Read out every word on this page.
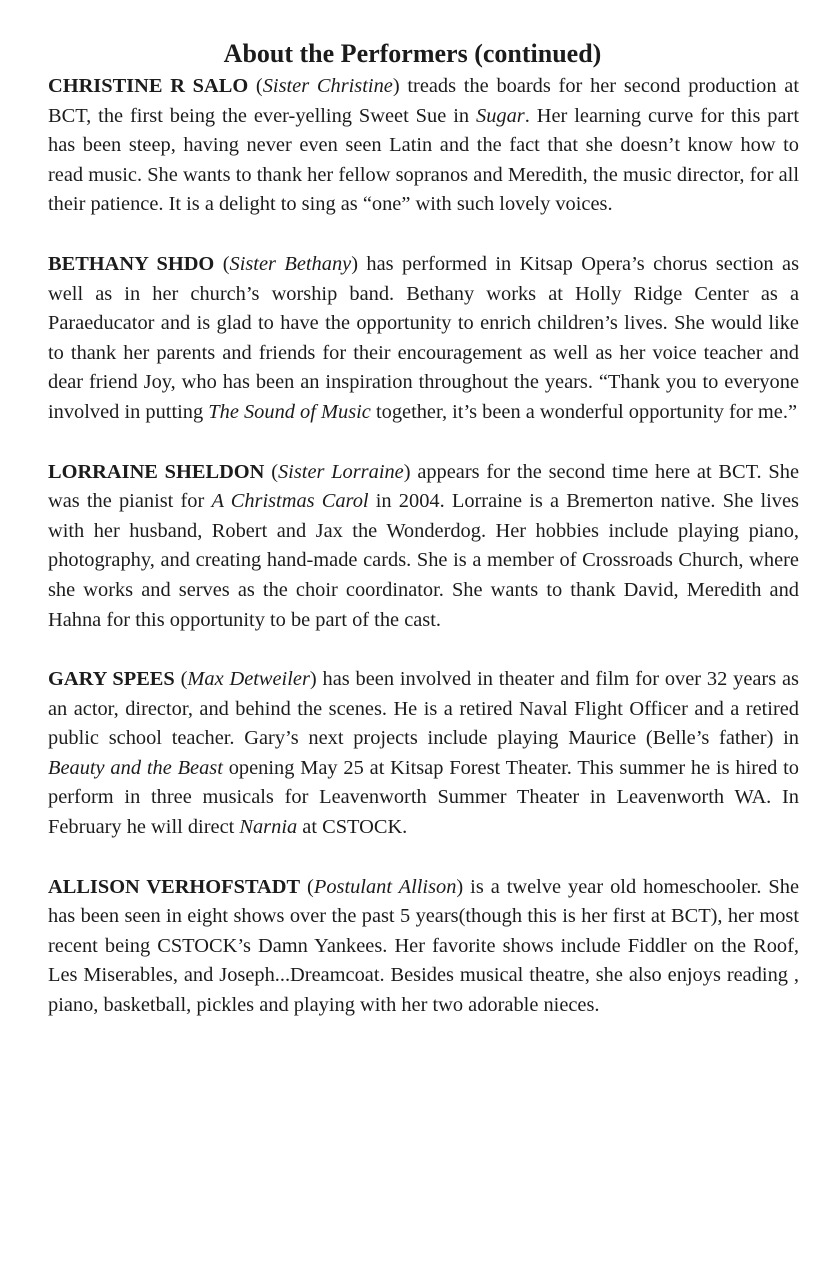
About the Performers (continued)

CHRISTINE R SALO (Sister Christine) treads the boards for her second production at BCT, the first being the ever-yelling Sweet Sue in Sugar. Her learning curve for this part has been steep, having never even seen Latin and the fact that she doesn’t know how to read music. She wants to thank her fellow sopranos and Meredith, the music director, for all their patience. It is a delight to sing as “one” with such lovely voices.

BETHANY SHDO (Sister Bethany) has performed in Kitsap Opera’s chorus section as well as in her church’s worship band. Bethany works at Holly Ridge Center as a Paraeducator and is glad to have the opportunity to enrich children’s lives. She would like to thank her parents and friends for their encouragement as well as her voice teacher and dear friend Joy, who has been an inspiration throughout the years. “Thank you to everyone involved in putting The Sound of Music together, it’s been a wonderful opportunity for me.”

LORRAINE SHELDON (Sister Lorraine) appears for the second time here at BCT. She was the pianist for A Christmas Carol in 2004. Lorraine is a Bremerton native. She lives with her husband, Robert and Jax the Wonderdog. Her hobbies include playing piano, photography, and creating hand-made cards. She is a member of Crossroads Church, where she works and serves as the choir coordinator. She wants to thank David, Meredith and Hahna for this opportunity to be part of the cast.

GARY SPEES (Max Detweiler) has been involved in theater and film for over 32 years as an actor, director, and behind the scenes. He is a retired Naval Flight Officer and a retired public school teacher. Gary’s next projects include playing Maurice (Belle’s father) in Beauty and the Beast opening May 25 at Kitsap Forest Theater. This summer he is hired to perform in three musicals for Leavenworth Summer Theater in Leavenworth WA. In February he will direct Narnia at CSTOCK.

ALLISON VERHOFSTADT (Postulant Allison) is a twelve year old homeschooler. She has been seen in eight shows over the past 5 years(though this is her first at BCT), her most recent being CSTOCK’s Damn Yankees. Her favorite shows include Fiddler on the Roof, Les Miserables, and Joseph...Dreamcoat. Besides musical theatre, she also enjoys reading , piano, basketball, pickles and playing with her two adorable nieces.
